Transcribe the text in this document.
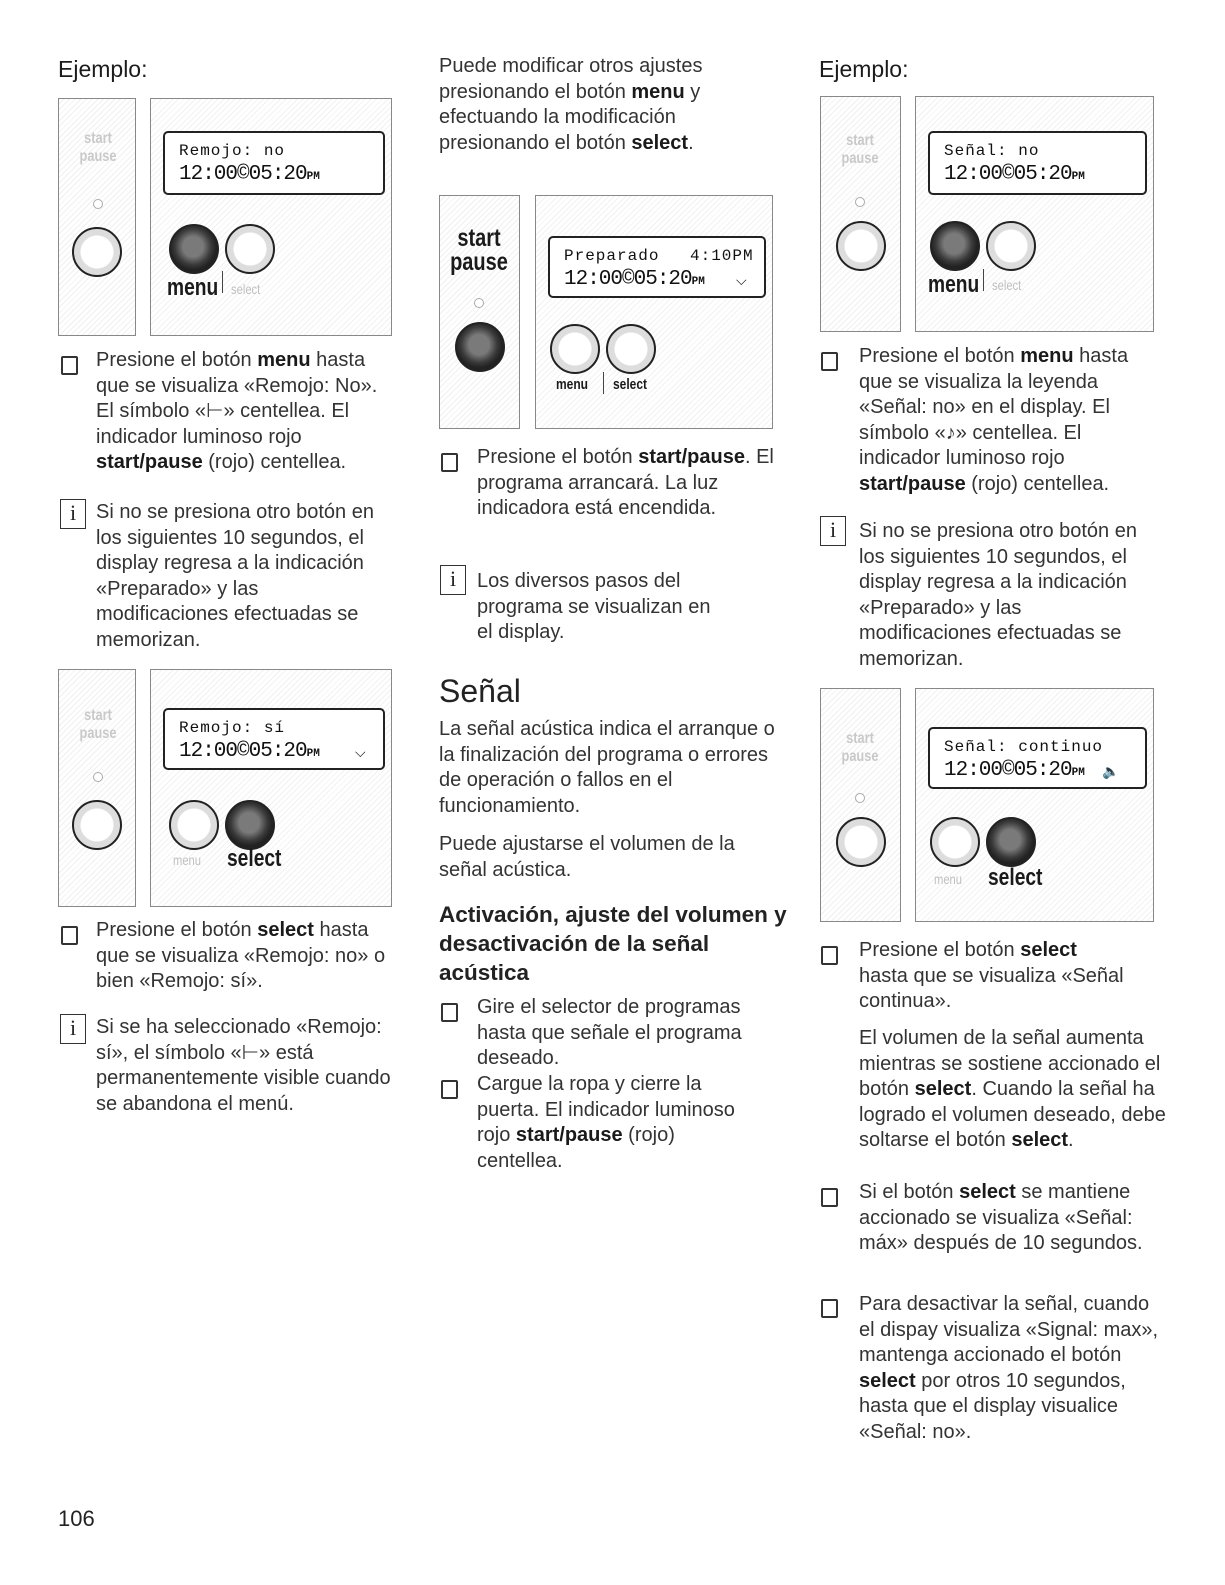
Ejemplo:
start
pause	Remojo: no
12:00©05:20PM
menu select
Presione el botón menu hasta que se visualiza «Remojo: No». El símbolo «⊢» centellea. El indicador luminoso rojo start/pause (rojo) centellea.
i Si no se presiona otro botón en los siguientes 10 segundos, el display regresa a la indicación «Preparado» y las modificaciones efectuadas se memorizan.
start
pause	Remojo: sí
12:00©05:20PM	⌵
menu select
Presione el botón select hasta que se visualiza «Remojo: no» o bien «Remojo: sí».
i Si se ha seleccionado «Remojo: sí», el símbolo «⊢» está permanentemente visible cuando se abandona el menú.
Puede modificar otros ajustes presionando el botón menu y efectuando la modificación presionando el botón select.
start
pause	Preparado 4:10PM
12:00©05:20PM ⌵
menu select
Presione el botón start/pause. El programa arrancará. La luz indicadora está encendida.
i	Los diversos pasos del programa se visualizan en el display.
Señal
La señal acústica indica el arranque o la finalización del programa o errores de operación o fallos en el funcionamiento.
Puede ajustarse el volumen de la señal acústica.
Activación, ajuste del volumen y desactivación de la señal acústica
Gire el selector de programas hasta que señale el programa deseado.
Cargue la ropa y cierre la puerta. El indicador luminoso rojo start/pause (rojo) centellea.
Ejemplo:
start
pause	Señal: no
12:00©05:20PM
menu select
Presione el botón menu hasta que se visualiza la leyenda «Señal: no» en el display. El símbolo «♪» centellea. El indicador luminoso rojo start/pause (rojo) centellea.
i	Si no se presiona otro botón en los siguientes 10 segundos, el display regresa a la indicación «Preparado» y las modificaciones efectuadas se memorizan.
start
pause
Señal: continuo
12:00©05:20PM 🔈
menu select
Presione el botón select hasta que se visualiza «Señal continua».
El volumen de la señal aumenta mientras se sostiene accionado el botón select. Cuando la señal ha logrado el volumen deseado, debe soltarse el botón select.
Si el botón select se mantiene accionado se visualiza «Señal: máx» después de 10 segundos.
Para desactivar la señal, cuando el dispay visualiza «Signal: max», mantenga accionado el botón select por otros 10 segundos, hasta que el display visualice «Señal: no».
106
